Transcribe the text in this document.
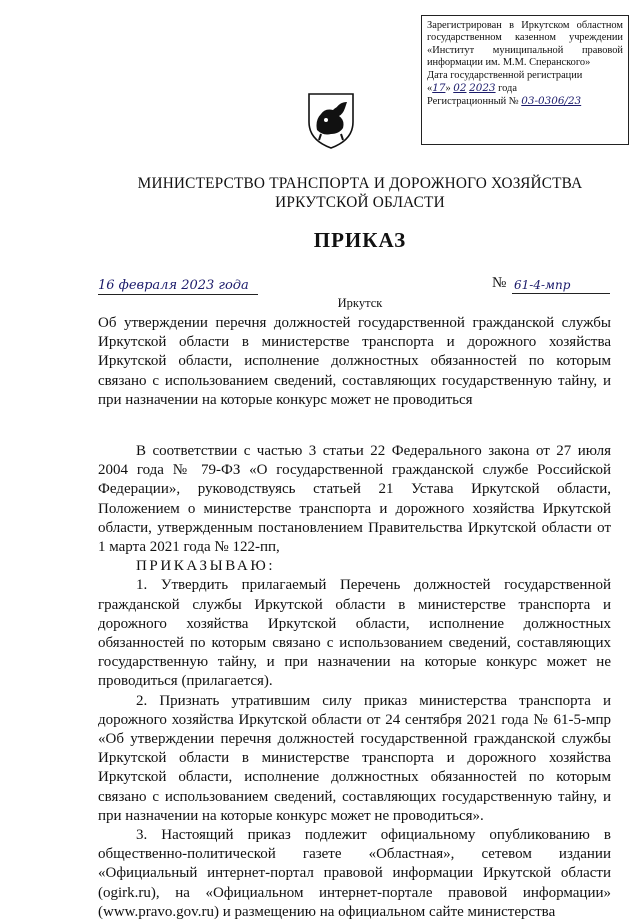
Зарегистрирован в Иркутском областном
государственном казенном учреждении
«Институт муниципальной правовой
информации им. М.М. Сперанского»
Дата государственной регистрации
«17» 02 2023 года
Регистрационный № 03-0306/23
МИНИСТЕРСТВО ТРАНСПОРТА И ДОРОЖНОГО ХОЗЯЙСТВА
ИРКУТСКОЙ ОБЛАСТИ
ПРИКАЗ
16 февраля 2023 года	№ 61-4-мпр
Иркутск
Об утверждении перечня должностей государственной гражданской службы Иркутской области в министерстве транспорта и дорожного хозяйства Иркутской области, исполнение должностных обязанностей по которым связано с использованием сведений, составляющих государственную тайну, и при назначении на которые конкурс может не проводиться

В соответствии с частью 3 статьи 22 Федерального закона от 27 июля 2004 года № 79-ФЗ «О государственной гражданской службе Российской Федерации», руководствуясь статьей 21 Устава Иркутской области, Положением о министерстве транспорта и дорожного хозяйства Иркутской области, утвержденным постановлением Правительства Иркутской области от 1 марта 2021 года № 122-пп,

ПРИКАЗЫВАЮ:

1. Утвердить прилагаемый Перечень должностей государственной гражданской службы Иркутской области в министерстве транспорта и дорожного хозяйства Иркутской области, исполнение должностных обязанностей по которым связано с использованием сведений, составляющих государственную тайну, и при назначении на которые конкурс может не проводиться (прилагается).

2. Признать утратившим силу приказ министерства транспорта и дорожного хозяйства Иркутской области от 24 сентября 2021 года № 61-5-мпр «Об утверждении перечня должностей государственной гражданской службы Иркутской области в министерстве транспорта и дорожного хозяйства Иркутской области, исполнение должностных обязанностей по которым связано с использованием сведений, составляющих государственную тайну, и при назначении на которые конкурс может не проводиться».

3. Настоящий приказ подлежит официальному опубликованию в общественно-политической газете «Областная», сетевом издании «Официальный интернет-портал правовой информации Иркутской области (ogirk.ru), на «Официальном интернет-портале правовой информации» (www.pravo.gov.ru) и размещению на официальном сайте министерства
